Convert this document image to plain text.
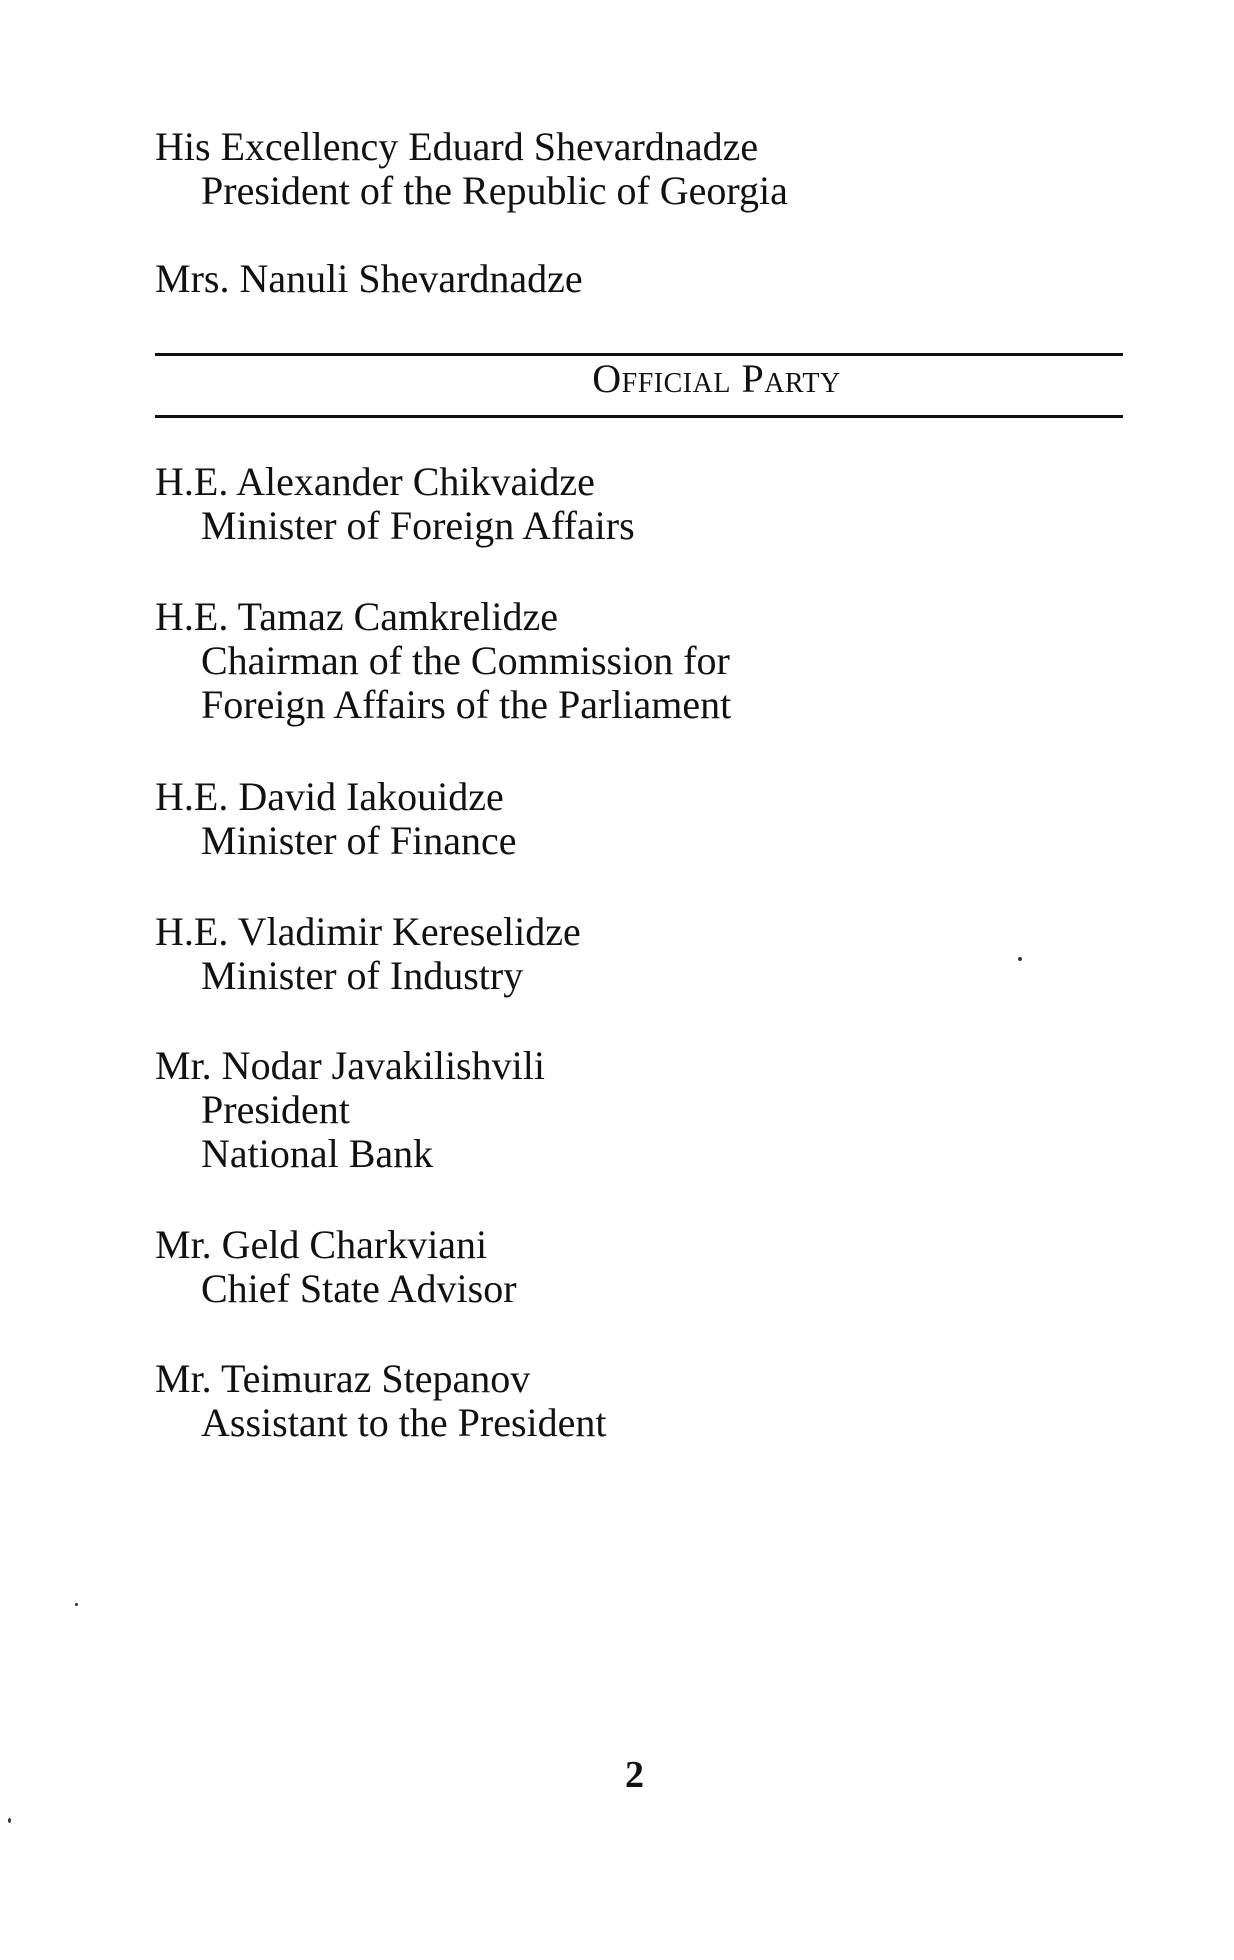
His Excellency Eduard Shevardnadze
President of the Republic of Georgia
Mrs. Nanuli Shevardnadze
Official Party
H.E. Alexander Chikvaidze
Minister of Foreign Affairs
H.E. Tamaz Camkrelidze
Chairman of the Commission for
Foreign Affairs of the Parliament
H.E. David Iakouidze
Minister of Finance
H.E. Vladimir Kereselidze
Minister of Industry
Mr. Nodar Javakilishvili
President
National Bank
Mr. Geld Charkviani
Chief State Advisor
Mr. Teimuraz Stepanov
Assistant to the President
2
